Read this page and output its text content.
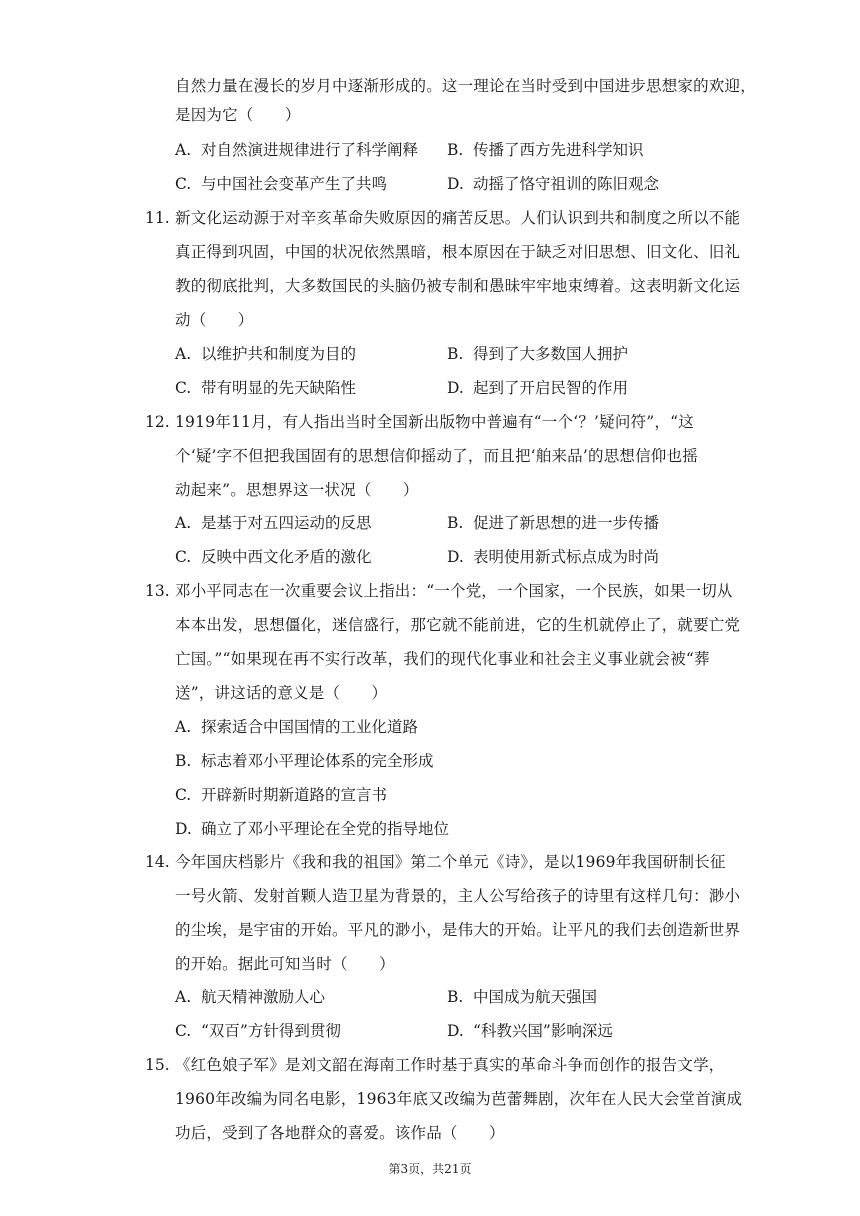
自然力量在漫长的岁月中逐渐形成的。这一理论在当时受到中国进步思想家的欢迎，
是因为它（　　）
A. 对自然演进规律进行了科学阐释 B. 传播了西方先进科学知识
C. 与中国社会变革产生了共鸣	D. 动摇了恪守祖训的陈旧观念
11. 新文化运动源于对辛亥革命失败原因的痛苦反思。人们认识到共和制度之所以不能
真正得到巩固，中国的状况依然黑暗，根本原因在于缺乏对旧思想、旧文化、旧礼
教的彻底批判，大多数国民的头脑仍被专制和愚昧牢牢地束缚着。这表明新文化运
动（　　）
A. 以维护共和制度为目的	B. 得到了大多数国人拥护
C. 带有明显的先天缺陷性	D. 起到了开启民智的作用
12. 1919年11月，有人指出当时全国新出版物中普遍有“一个‘？’疑问符”，“这
个‘疑’字不但把我国固有的思想信仰摇动了，而且把‘舶来品’的思想信仰也摇
动起来”。思想界这一状况（　　）
A. 是基于对五四运动的反思	B. 促进了新思想的进一步传播
C. 反映中西文化矛盾的激化	D. 表明使用新式标点成为时尚
13. 邓小平同志在一次重要会议上指出：“一个党，一个国家，一个民族，如果一切从
本本出发，思想僵化，迷信盛行，那它就不能前进，它的生机就停止了，就要亡党
亡国。”“如果现在再不实行改革，我们的现代化事业和社会主义事业就会被“葬
送”，讲这话的意义是（　　）
A. 探索适合中国国情的工业化道路
B. 标志着邓小平理论体系的完全形成
C. 开辟新时期新道路的宣言书
D. 确立了邓小平理论在全党的指导地位
14. 今年国庆档影片《我和我的祖国》第二个单元《诗》，是以1969年我国研制长征
一号火箭、发射首颗人造卫星为背景的，主人公写给孩子的诗里有这样几句：渺小
的尘埃，是宇宙的开始。平凡的渺小，是伟大的开始。让平凡的我们去创造新世界
的开始。据此可知当时（　　）
A. 航天精神激励人心	B. 中国成为航天强国
C. “双百”方针得到贯彻	D. “科教兴国”影响深远
15. 《红色娘子军》是刘文韶在海南工作时基于真实的革命斗争而创作的报告文学，
1960年改编为同名电影，1963年底又改编为芭蕾舞剧，次年在人民大会堂首演成
功后，受到了各地群众的喜爱。该作品（　　）
第3页，共21页
